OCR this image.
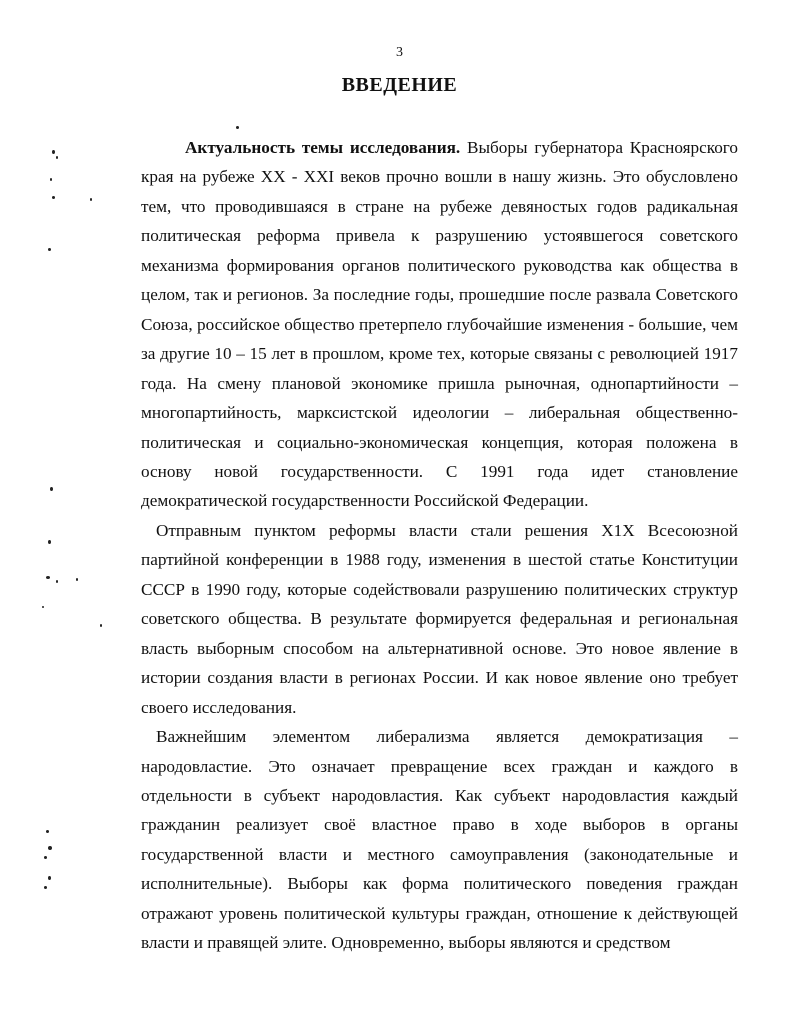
3
ВВЕДЕНИЕ

Актуальность темы исследования. Выборы губернатора Красноярского края на рубеже XX - XXI веков прочно вошли в нашу жизнь. Это обусловлено тем, что проводившаяся в стране на рубеже девяностых годов радикальная политическая реформа привела к разрушению устоявшегося советского механизма формирования органов политического руководства как общества в целом, так и регионов. За последние годы, прошедшие после развала Советского Союза, российское общество претерпело глубочайшие изменения - большие, чем за другие 10 – 15 лет в прошлом, кроме тех, которые связаны с революцией 1917 года. На смену плановой экономике пришла рыночная, однопартийности – многопартийность, марксистской идеологии – либеральная общественно-политическая и социально-экономическая концепция, которая положена в основу новой государственности. С 1991 года идет становление демократической государственности Российской Федерации.

Отправным пунктом реформы власти стали решения Х1Х Всесоюзной партийной конференции в 1988 году, изменения в шестой статье Конституции СССР в 1990 году, которые содействовали разрушению политических структур советского общества. В результате формируется федеральная и региональная власть выборным способом на альтернативной основе. Это новое явление в истории создания власти в регионах России. И как новое явление оно требует своего исследования.

Важнейшим элементом либерализма является демократизация – народовластие. Это означает превращение всех граждан и каждого в отдельности в субъект народовластия. Как субъект народовластия каждый гражданин реализует своё властное право в ходе выборов в органы государственной власти и местного самоуправления (законодательные и исполнительные). Выборы как форма политического поведения граждан отражают уровень политической культуры граждан, отношение к действующей власти и правящей элите. Одновременно, выборы являются и средством
